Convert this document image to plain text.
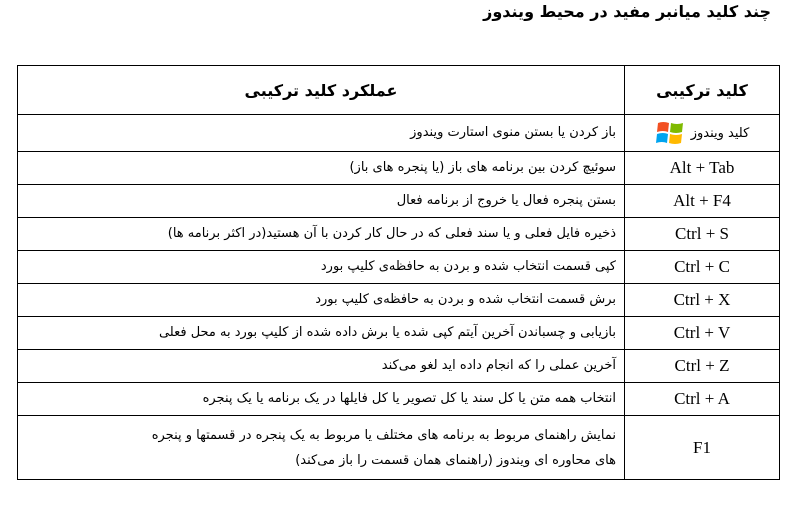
چند کلید میانبر مفید در محیط ویندوز
کلید ترکیبی	عملکرد کلید ترکیبی

کلید ویندوز	باز کردن یا بستن منوی استارت ویندوز
Alt + Tab	سوئیچ کردن بین برنامه های باز (یا پنجره های باز)
Alt + F4	بستن پنجره فعال یا خروج از برنامه فعال
Ctrl + S	ذخیره فایل فعلی و یا سند فعلی که در حال کار کردن با آن هستید(در اکثر برنامه ها)
Ctrl + C	کپی قسمت انتخاب شده و بردن به حافظه‌ی کلیپ بورد
Ctrl + X	برش قسمت انتخاب شده و بردن به حافظه‌ی کلیپ بورد
Ctrl + V	بازیابی و چسباندن آخرین آیتم کپی شده یا برش داده شده از کلیپ بورد به محل فعلی
Ctrl + Z	آخرین عملی را که انجام داده اید لغو می‌کند
Ctrl + A	انتخاب همه متن یا کل سند یا کل تصویر یا کل فایلها در یک برنامه یا یک پنجره
F1	نمایش راهنمای مربوط به برنامه های مختلف یا مربوط به یک پنجره در قسمتها و پنجره
های محاوره ای ویندوز (راهنمای همان قسمت را باز می‌کند)
